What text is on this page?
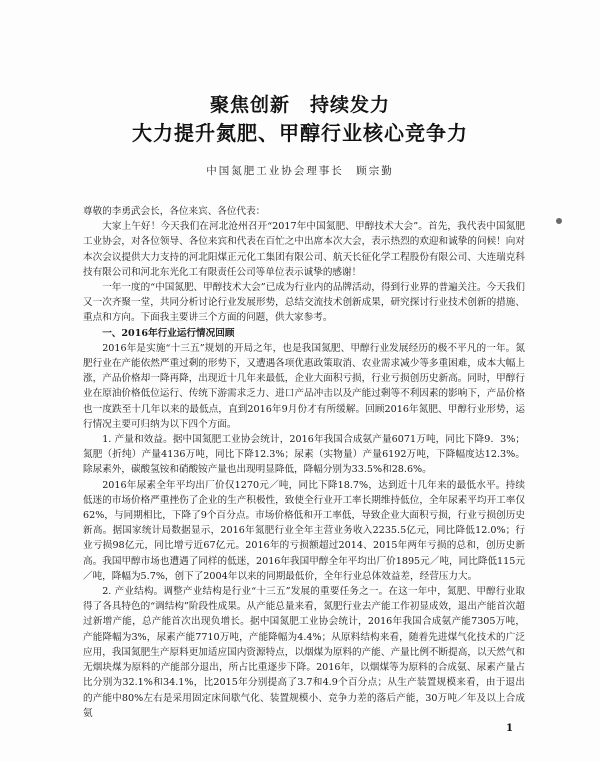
聚焦创新　持续发力
大力提升氮肥、甲醇行业核心竞争力
中国氮肥工业协会理事长　顾宗勤

尊敬的李勇武会长，各位来宾、各位代表：

大家上午好！今天我们在河北沧州召开“2017年中国氮肥、甲醇技术大会”。首先，我代表中国氮肥工业协会，对各位领导、各位来宾和代表在百忙之中出席本次大会，表示热烈的欢迎和诚挚的问候！向对本次会议提供大力支持的河北阳煤正元化工集团有限公司、航天长征化学工程股份有限公司、大连瑞克科技有限公司和河北东光化工有限责任公司等单位表示诚挚的感谢！

一年一度的“中国氮肥、甲醇技术大会”已成为行业内的品牌活动，得到行业界的普遍关注。今天我们又一次齐聚一堂，共同分析讨论行业发展形势，总结交流技术创新成果，研究探讨行业技术创新的措施、重点和方向。下面我主要讲三个方面的问题，供大家参考。

一、2016年行业运行情况回顾

2016年是实施“十三五”规划的开局之年，也是我国氮肥、甲醇行业发展经历的极不平凡的一年。氮肥行业在产能依然严重过剩的形势下，又遭遇各项优惠政策取消、农业需求减少等多重困难，成本大幅上涨，产品价格却一降再降，出现近十几年来最低，企业大面积亏损，行业亏损创历史新高。同时，甲醇行业在原油价格低位运行、传统下游需求乏力、进口产品冲击以及产能过剩等不利因素的影响下，产品价格也一度跌至十几年以来的最低点，直到2016年9月份才有所缓解。回顾2016年氮肥、甲醇行业形势，运行情况主要可归纳为以下四个方面。

1. 产量和效益。据中国氮肥工业协会统计，2016年我国合成氨产量6071万吨，同比下降9．3%；氮肥（折纯）产量4136万吨，同比下降12.3%；尿素（实物量）产量6192万吨，下降幅度达12.3%。除尿素外，碳酸氢铵和硝酸铵产量也出现明显降低，降幅分别为33.5%和28.6%。

2016年尿素全年平均出厂价仅1270元／吨，同比下降18.7%，达到近十几年来的最低水平。持续低迷的市场价格严重挫伤了企业的生产积极性，致使全行业开工率长期维持低位，全年尿素平均开工率仅62%，与同期相比，下降了9个百分点。市场价格低和开工率低，导致企业大面积亏损，行业亏损创历史新高。据国家统计局数据显示，2016年氮肥行业全年主营业务收入2235.5亿元，同比降低12.0%；行业亏损98亿元，同比增亏近67亿元。2016年的亏损额超过2014、2015年两年亏损的总和，创历史新高。我国甲醇市场也遭遇了同样的低迷，2016年我国甲醇全年平均出厂价1895元／吨，同比降低115元／吨，降幅为5.7%，创下了2004年以来的同期最低价，全年行业总体效益差，经营压力大。

2. 产业结构。调整产业结构是行业“十三五”发展的重要任务之一。在这一年中，氮肥、甲醇行业取得了各具特色的“调结构”阶段性成果。从产能总量来看，氮肥行业去产能工作初显成效，退出产能首次超过新增产能，总产能首次出现负增长。据中国氮肥工业协会统计，2016年我国合成氨产能7305万吨，产能降幅为3%，尿素产能7710万吨，产能降幅为4.4%；从原料结构来看，随着先进煤气化技术的广泛应用，我国氮肥生产原料更加适应国内资源特点，以烟煤为原料的产能、产量比例不断提高，以天然气和无烟块煤为原料的产能部分退出，所占比重逐步下降。2016年，以烟煤等为原料的合成氨、尿素产量占比分别为32.1%和34.1%，比2015年分别提高了3.7和4.9个百分点；从生产装置规模来看，由于退出的产能中80%左右是采用固定床间歇气化、装置规模小、竞争力差的落后产能，30万吨／年及以上合成氨

1
